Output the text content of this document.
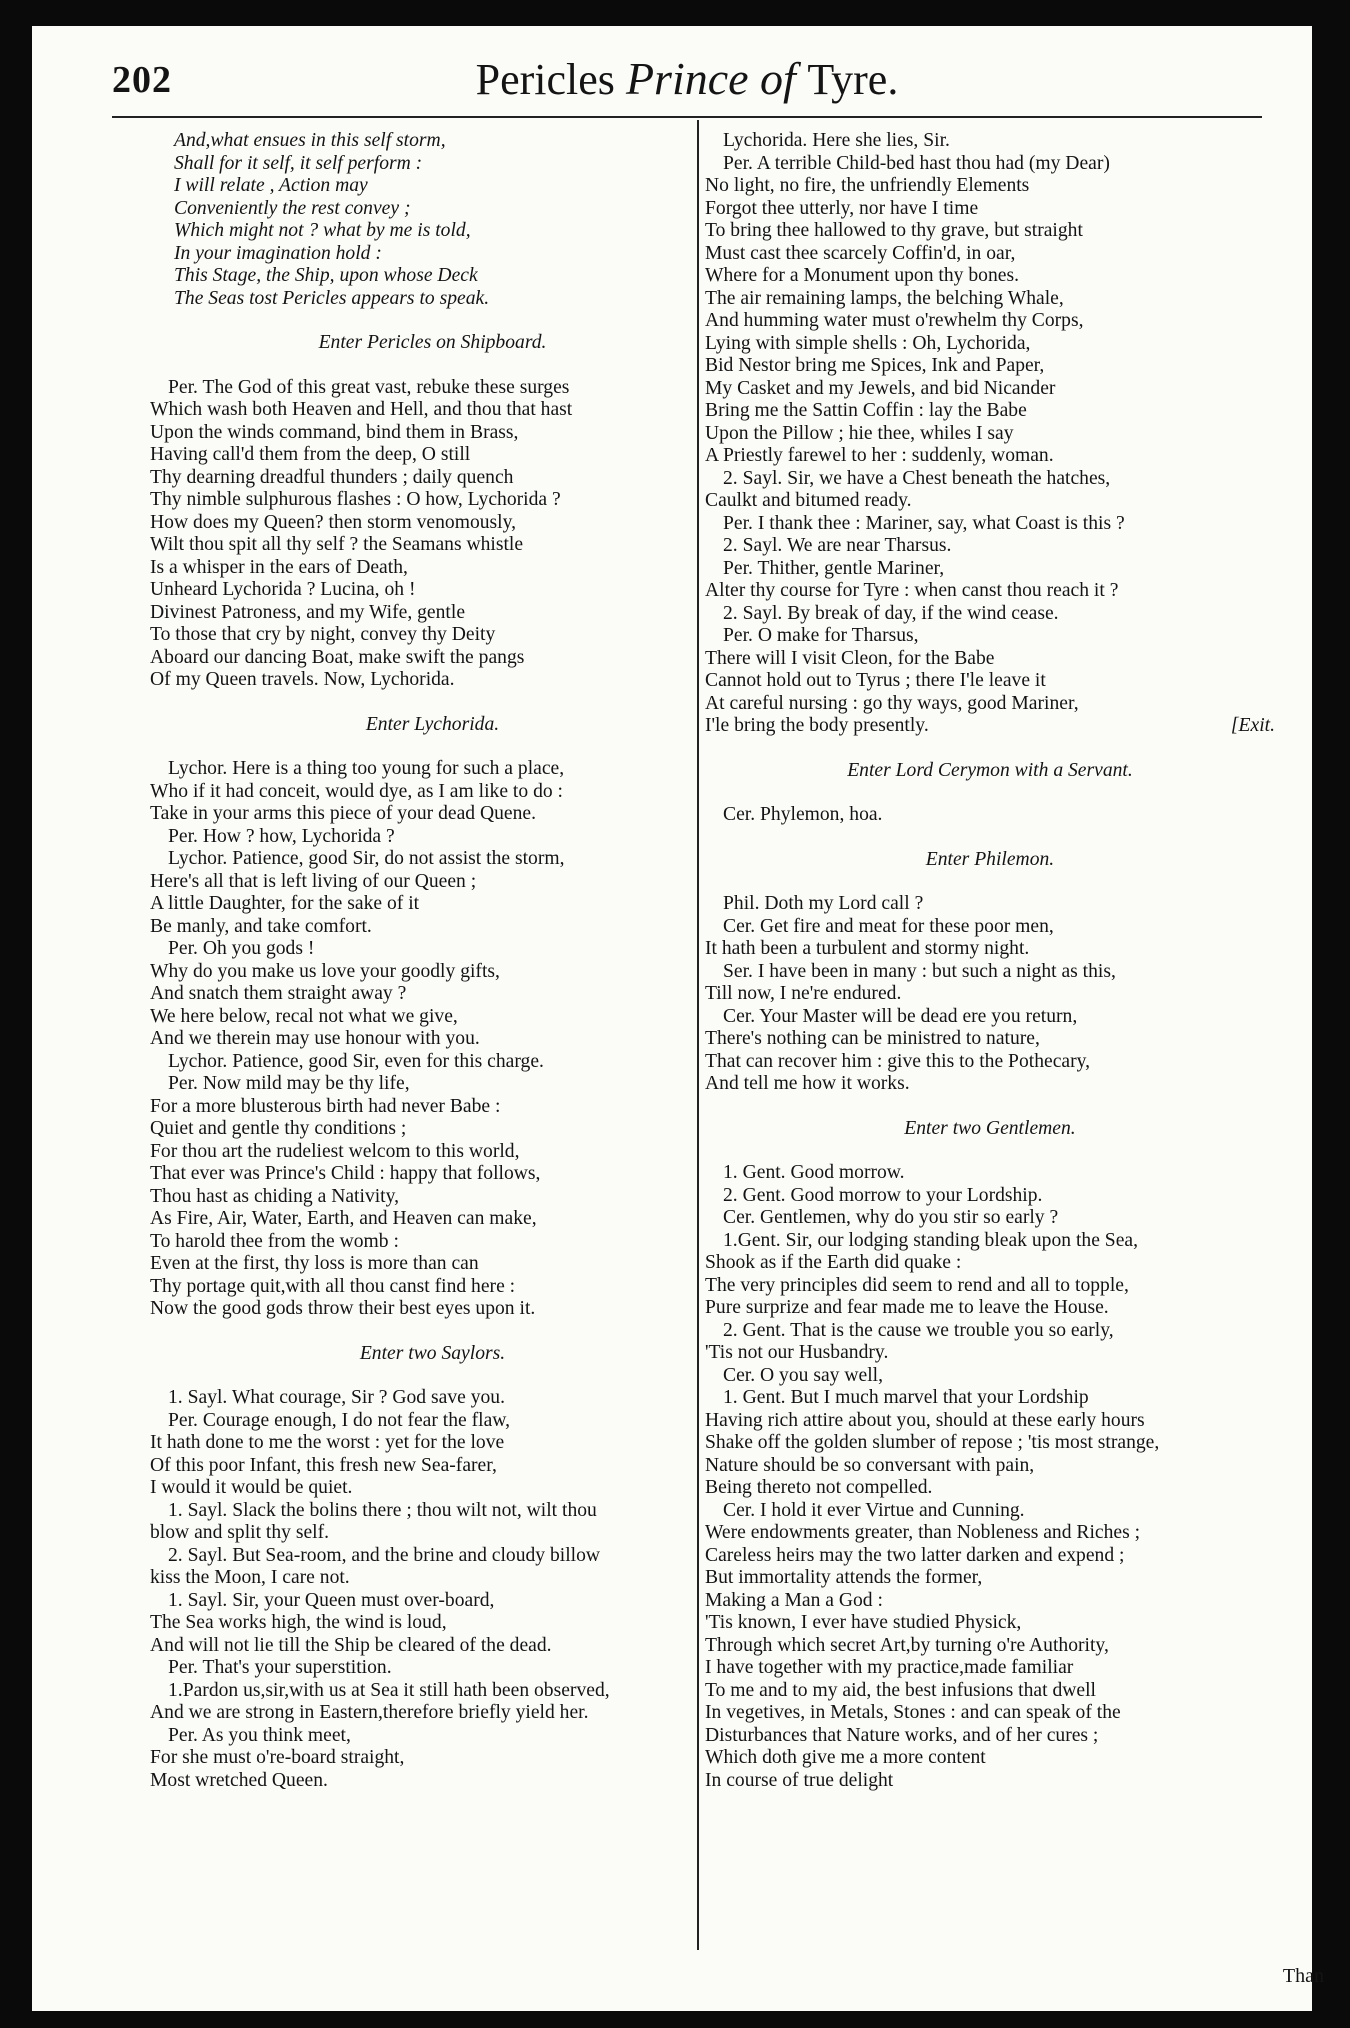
202	Pericles Prince of Tyre.
And,what ensues in this self storm,
Shall for it self, it self perform :
I will relate , Action may
Conveniently the rest convey ;
Which might not ? what by me is told,
In your imagination hold :
This Stage, the Ship, upon whose Deck
The Seas tost Pericles appears to speak.
Enter Pericles on Shipboard.
Per. The God of this great vast, rebuke these surges
Which wash both Heaven and Hell, and thou that hast
Upon the winds command, bind them in Brass,
Having call'd them from the deep, O still
Thy dearning dreadful thunders ; daily quench
Thy nimble sulphurous flashes : O how, Lychorida ?
How does my Queen? then storm venomously,
Wilt thou spit all thy self ? the Seamans whistle
Is a whisper in the ears of Death,
Unheard Lychorida ? Lucina, oh !
Divinest Patroness, and my Wife, gentle
To those that cry by night, convey thy Deity
Aboard our dancing Boat, make swift the pangs
Of my Queen travels. Now, Lychorida.
Enter Lychorida.
Lychor. Here is a thing too young for such a place,
Who if it had conceit, would dye, as I am like to do :
Take in your arms this piece of your dead Quene.
Per. How ? how, Lychorida ?
Lychor. Patience, good Sir, do not assist the storm,
Here's all that is left living of our Queen ;
A little Daughter, for the sake of it
Be manly, and take comfort.
Per. Oh you gods !
Why do you make us love your goodly gifts,
And snatch them straight away ?
We here below, recal not what we give,
And we therein may use honour with you.
Lychor. Patience, good Sir, even for this charge.
Per. Now mild may be thy life,
For a more blusterous birth had never Babe :
Quiet and gentle thy conditions ;
For thou art the rudeliest welcom to this world,
That ever was Prince's Child : happy that follows,
Thou hast as chiding a Nativity,
As Fire, Air, Water, Earth, and Heaven can make,
To harold thee from the womb :
Even at the first, thy loss is more than can
Thy portage quit,with all thou canst find here :
Now the good gods throw their best eyes upon it.
Enter two Saylors.
1. Sayl. What courage, Sir ? God save you.
Per. Courage enough, I do not fear the flaw,
It hath done to me the worst : yet for the love
Of this poor Infant, this fresh new Sea-farer,
I would it would be quiet.
1. Sayl. Slack the bolins there ; thou wilt not, wilt thou
blow and split thy self.
2. Sayl. But Sea-room, and the brine and cloudy billow
kiss the Moon, I care not.
1. Sayl. Sir, your Queen must over-board,
The Sea works high, the wind is loud,
And will not lie till the Ship be cleared of the dead.
Per. That's your superstition.
1.Pardon us,sir,with us at Sea it still hath been observed,
And we are strong in Eastern,therefore briefly yield her.
Per. As you think meet,
For she must o're-board straight,
Most wretched Queen.
Lychorida. Here she lies, Sir.
Per. A terrible Child-bed hast thou had (my Dear)
No light, no fire, the unfriendly Elements
Forgot thee utterly, nor have I time
To bring thee hallowed to thy grave, but straight
Must cast thee scarcely Coffin'd, in oar,
Where for a Monument upon thy bones.
The air remaining lamps, the belching Whale,
And humming water must o'rewhelm thy Corps,
Lying with simple shells : Oh, Lychorida,
Bid Nestor bring me Spices, Ink and Paper,
My Casket and my Jewels, and bid Nicander
Bring me the Sattin Coffin : lay the Babe
Upon the Pillow ; hie thee, whiles I say
A Priestly farewel to her : suddenly, woman.
2. Sayl. Sir, we have a Chest beneath the hatches,
Caulkt and bitumed ready.
Per. I thank thee : Mariner, say, what Coast is this ?
2. Sayl. We are near Tharsus.
Per. Thither, gentle Mariner,
Alter thy course for Tyre : when canst thou reach it ?
2. Sayl. By break of day, if the wind cease.
Per. O make for Tharsus,
There will I visit Cleon, for the Babe
Cannot hold out to Tyrus ; there I'le leave it
At careful nursing : go thy ways, good Mariner,
I'le bring the body presently.	[Exit.
Enter Lord Cerymon with a Servant.
Cer. Phylemon, hoa.
Enter Philemon.
Phil. Doth my Lord call ?
Cer. Get fire and meat for these poor men,
It hath been a turbulent and stormy night.
Ser. I have been in many : but such a night as this,
Till now, I ne're endured.
Cer. Your Master will be dead ere you return,
There's nothing can be ministred to nature,
That can recover him : give this to the Pothecary,
And tell me how it works.
Enter two Gentlemen.
1. Gent. Good morrow.
2. Gent. Good morrow to your Lordship.
Cer. Gentlemen, why do you stir so early ?
1.Gent. Sir, our lodging standing bleak upon the Sea,
Shook as if the Earth did quake :
The very principles did seem to rend and all to topple,
Pure surprize and fear made me to leave the House.
2. Gent. That is the cause we trouble you so early,
'Tis not our Husbandry.
Cer. O you say well,
1. Gent. But I much marvel that your Lordship
Having rich attire about you, should at these early hours
Shake off the golden slumber of repose ; 'tis most strange,
Nature should be so conversant with pain,
Being thereto not compelled.
Cer. I hold it ever Virtue and Cunning.
Were endowments greater, than Nobleness and Riches ;
Careless heirs may the two latter darken and expend ;
But immortality attends the former,
Making a Man a God :
'Tis known, I ever have studied Physick,
Through which secret Art,by turning o're Authority,
I have together with my practice,made familiar
To me and to my aid, the best infusions that dwell
In vegetives, in Metals, Stones : and can speak of the
Disturbances that Nature works, and of her cures ;
Which doth give me a more content
In course of true delight
Than
